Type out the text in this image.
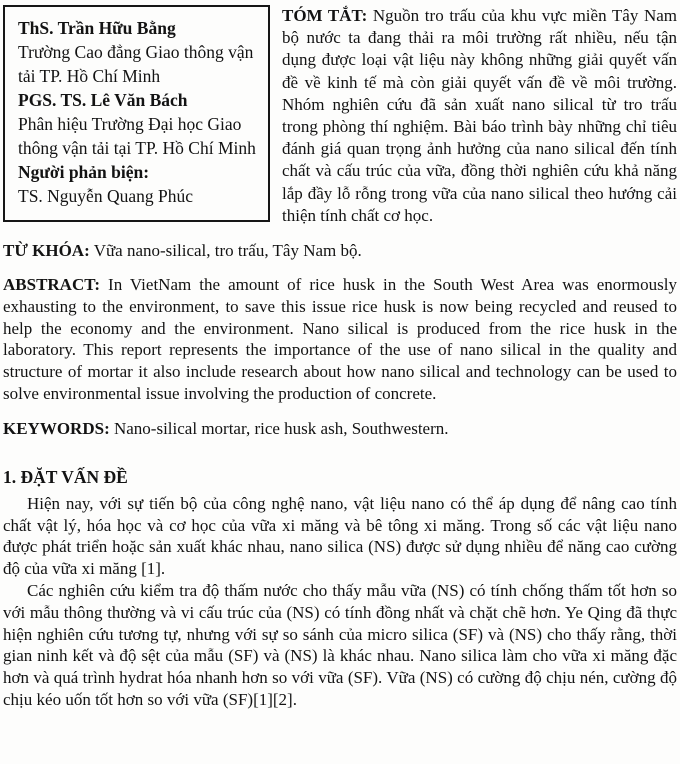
ThS. Trần Hữu Bằng
Trường Cao đẳng Giao thông vận tải TP. Hồ Chí Minh
PGS. TS. Lê Văn Bách
Phân hiệu Trường Đại học Giao thông vận tải tại TP. Hồ Chí Minh
Người phản biện:
TS. Nguyễn Quang Phúc

TÓM TẮT: Nguồn tro trấu của khu vực miền Tây Nam bộ nước ta đang thải ra môi trường rất nhiều, nếu tận dụng được loại vật liệu này không những giải quyết vấn đề về kinh tế mà còn giải quyết vấn đề về môi trường. Nhóm nghiên cứu đã sản xuất nano silical từ tro trấu trong phòng thí nghiệm. Bài báo trình bày những chỉ tiêu đánh giá quan trọng ảnh hưởng của nano silical đến tính chất và cấu trúc của vữa, đồng thời nghiên cứu khả năng lắp đầy lỗ rỗng trong vữa của nano silical theo hướng cải thiện tính chất cơ học.

TỪ KHÓA: Vữa nano-silical, tro trấu, Tây Nam bộ.

ABSTRACT: In VietNam the amount of rice husk in the South West Area was enormously exhausting to the environment, to save this issue rice husk is now being recycled and reused to help the economy and the environment. Nano silical is produced from the rice husk in the laboratory. This report represents the importance of the use of nano silical in the quality and structure of mortar it also include research about how nano silical and technology can be used to solve environmental issue involving the production of concrete.

KEYWORDS: Nano-silical mortar, rice husk ash, Southwestern.

1. ĐẶT VẤN ĐỀ

Hiện nay, với sự tiến bộ của công nghệ nano, vật liệu nano có thể áp dụng để nâng cao tính chất vật lý, hóa học và cơ học của vữa xi măng và bê tông xi măng. Trong số các vật liệu nano được phát triển hoặc sản xuất khác nhau, nano silica (NS) được sử dụng nhiều để năng cao cường độ của vữa xi măng [1].

Các nghiên cứu kiểm tra độ thấm nước cho thấy mẫu vữa (NS) có tính chống thấm tốt hơn so với mẫu thông thường và vi cấu trúc của (NS) có tính đồng nhất và chặt chẽ hơn. Ye Qing đã thực hiện nghiên cứu tương tự, nhưng với sự so sánh của micro silica (SF) và (NS) cho thấy rằng, thời gian ninh kết và độ sệt của mẫu (SF) và (NS) là khác nhau. Nano silica làm cho vữa xi măng đặc hơn và quá trình hydrat hóa nhanh hơn so với vữa (SF). Vữa (NS) có cường độ chịu nén, cường độ chịu kéo uốn tốt hơn so với vữa (SF)[1][2].
